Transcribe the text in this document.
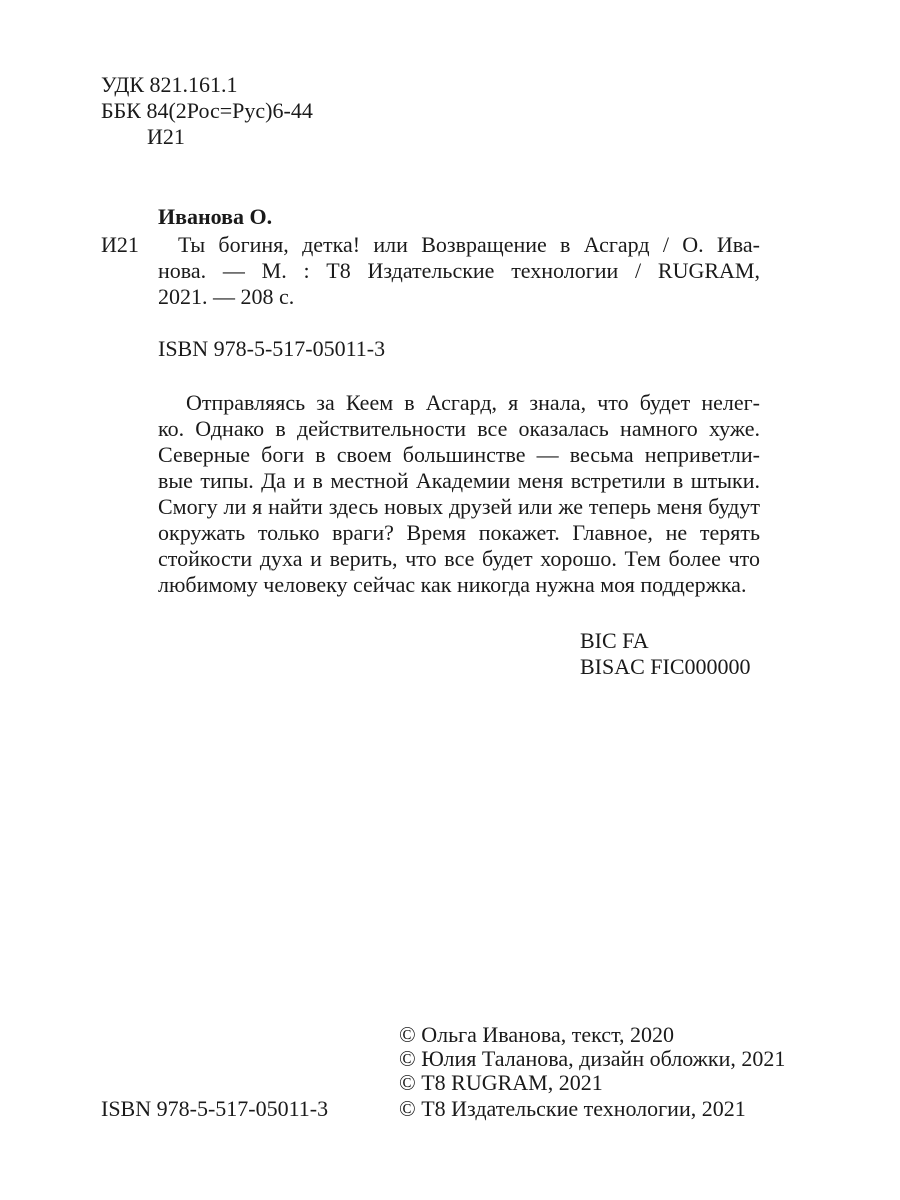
УДК 821.161.1
ББК 84(2Рос=Рус)6-44
И21
Иванова О.
И21 Ты богиня, детка! или Возвращение в Асгард / О. Ива-
нова. — М. : Т8 Издательские технологии / RUGRAM,
2021. — 208 с.
ISBN 978-5-517-05011-3
Отправляясь за Кеем в Асгард, я знала, что будет нелег-
ко. Однако в действительности все оказалась намного хуже.
Северные боги в своем большинстве — весьма неприветли-
вые типы. Да и в местной Академии меня встретили в штыки.
Смогу ли я найти здесь новых друзей или же теперь меня будут
окружать только враги? Время покажет. Главное, не терять
стойкости духа и верить, что все будет хорошо. Тем более что
любимому человеку сейчас как никогда нужна моя поддержка.
BIC FA
BISAC FIC000000
ISBN 978-5-517-05011-3
© Ольга Иванова, текст, 2020
© Юлия Таланова, дизайн обложки, 2021
© Т8 RUGRAM, 2021
© Т8 Издательские технологии, 2021
